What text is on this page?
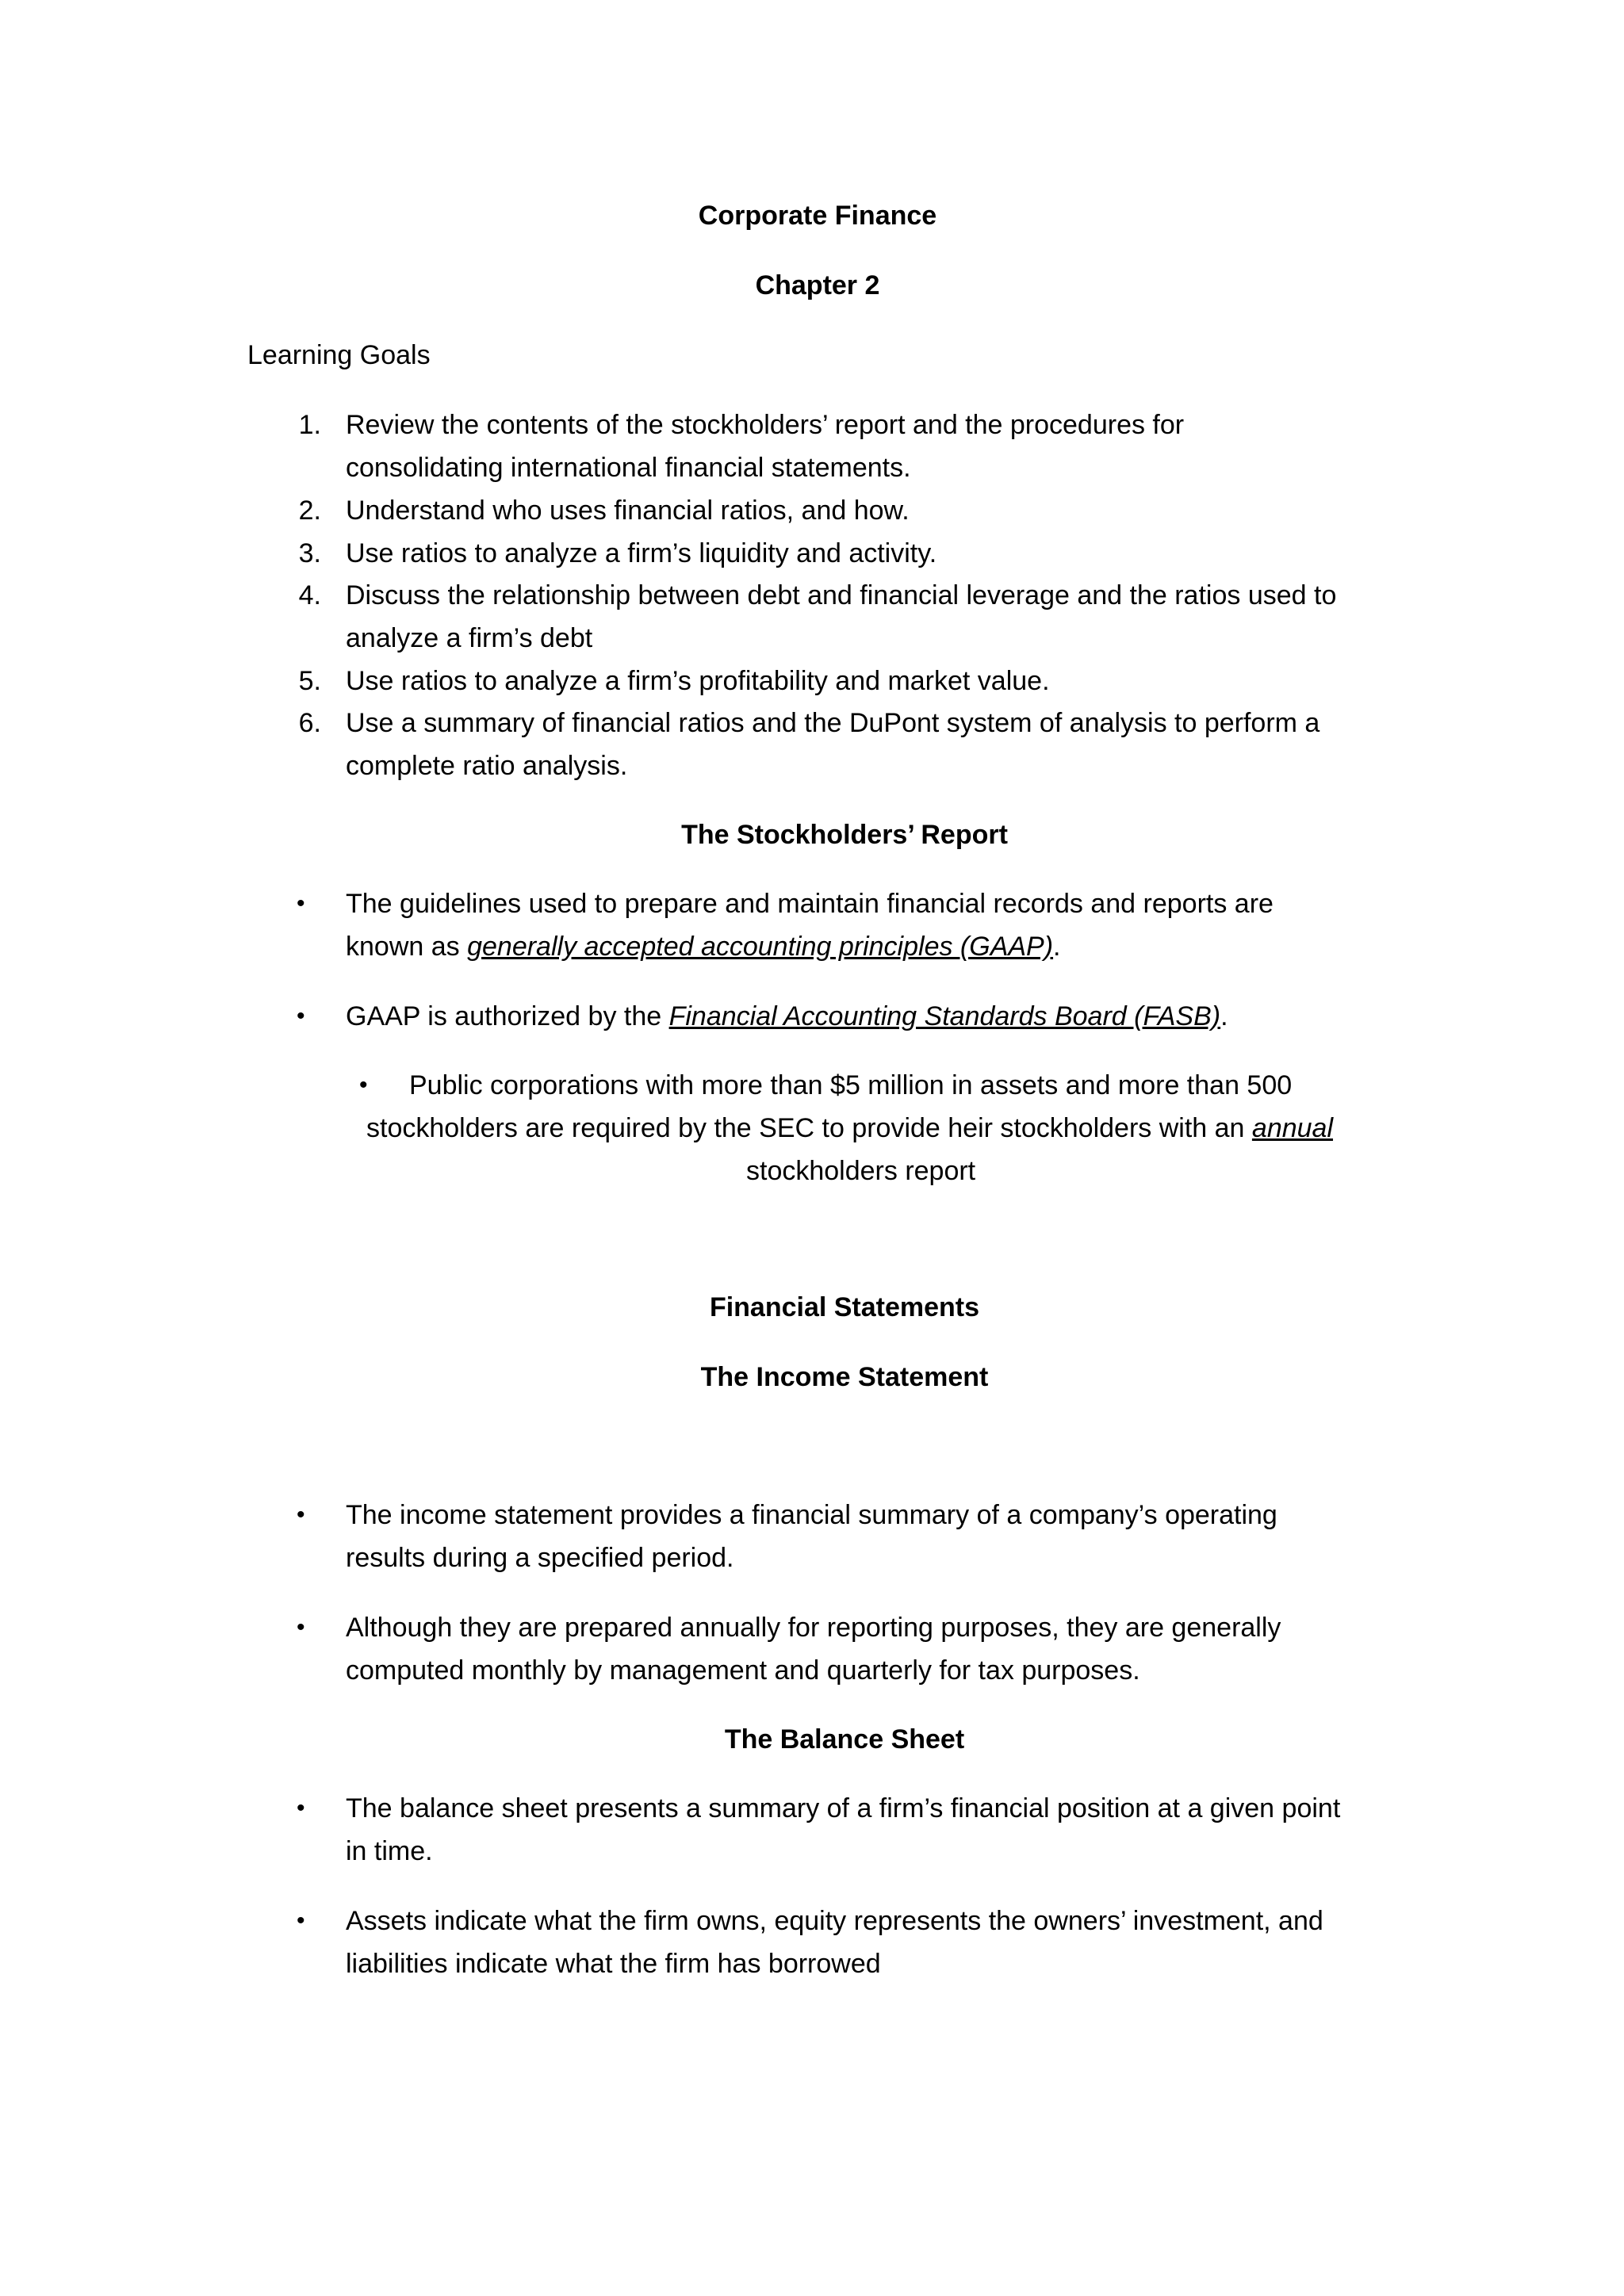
Corporate Finance
Chapter 2
Learning Goals
1. Review the contents of the stockholders’ report and the procedures for
consolidating international financial statements.
2. Understand who uses financial ratios, and how.
3. Use ratios to analyze a firm’s liquidity and activity.
4. Discuss the relationship between debt and financial leverage and the ratios used to
analyze a firm’s debt
5. Use ratios to analyze a firm’s profitability and market value.
6. Use a summary of financial ratios and the DuPont system of analysis to perform a
complete ratio analysis.
The Stockholders’ Report
• The guidelines used to prepare and maintain financial records and reports are
known as generally accepted accounting principles (GAAP).
• GAAP is authorized by the Financial Accounting Standards Board (FASB).
• Public corporations with more than $5 million in assets and more than 500
stockholders are required by the SEC to provide heir stockholders with an annual
stockholders report
Financial Statements
The Income Statement
• The income statement provides a financial summary of a company’s operating
results during a specified period.
• Although they are prepared annually for reporting purposes, they are generally
computed monthly by management and quarterly for tax purposes.
The Balance Sheet
• The balance sheet presents a summary of a firm’s financial position at a given point
in time.
• Assets indicate what the firm owns, equity represents the owners’ investment, and
liabilities indicate what the firm has borrowed
